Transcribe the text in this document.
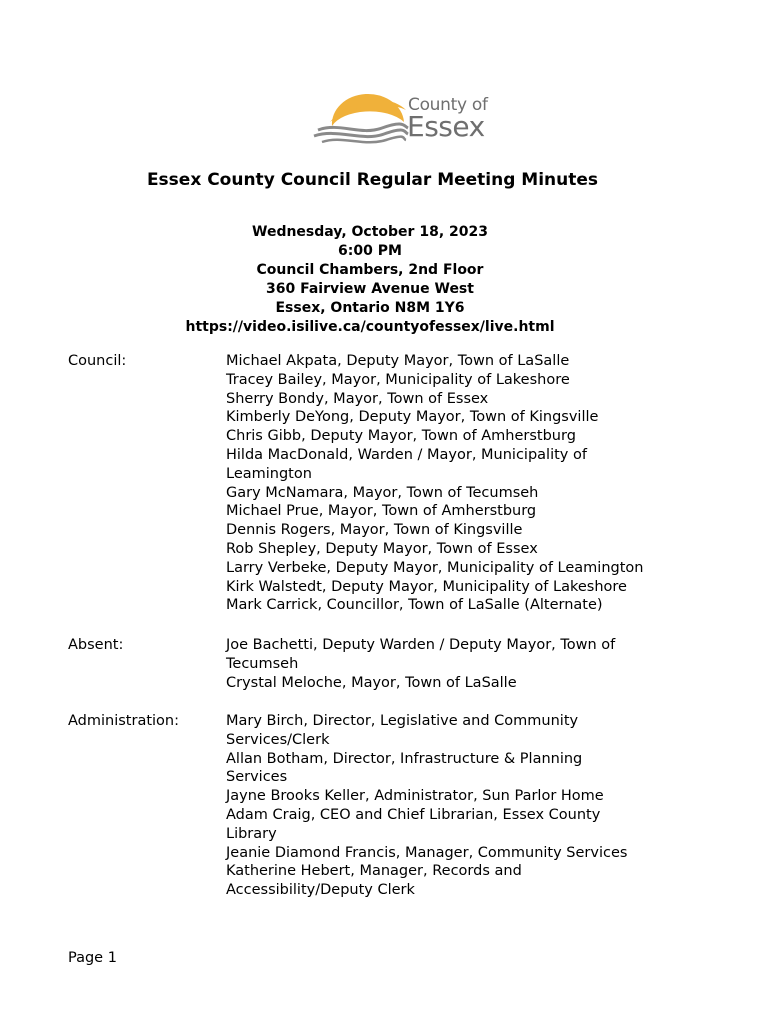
County of
Essex
Essex County Council Regular Meeting Minutes
Wednesday, October 18, 2023
6:00 PM
Council Chambers, 2nd Floor
360 Fairview Avenue West
Essex, Ontario N8M 1Y6
https://video.isilive.ca/countyofessex/live.html
Council:	Michael Akpata, Deputy Mayor, Town of LaSalle
Tracey Bailey, Mayor, Municipality of Lakeshore
Sherry Bondy, Mayor, Town of Essex
Kimberly DeYong, Deputy Mayor, Town of Kingsville
Chris Gibb, Deputy Mayor, Town of Amherstburg
Hilda MacDonald, Warden / Mayor, Municipality of Leamington
Gary McNamara, Mayor, Town of Tecumseh
Michael Prue, Mayor, Town of Amherstburg
Dennis Rogers, Mayor, Town of Kingsville
Rob Shepley, Deputy Mayor, Town of Essex
Larry Verbeke, Deputy Mayor, Municipality of Leamington
Kirk Walstedt, Deputy Mayor, Municipality of Lakeshore
Mark Carrick, Councillor, Town of LaSalle (Alternate)
Absent:	Joe Bachetti, Deputy Warden / Deputy Mayor, Town of Tecumseh
Crystal Meloche, Mayor, Town of LaSalle
Administration:	Mary Birch, Director, Legislative and Community Services/Clerk
Allan Botham, Director, Infrastructure & Planning Services
Jayne Brooks Keller, Administrator, Sun Parlor Home
Adam Craig, CEO and Chief Librarian, Essex County Library
Jeanie Diamond Francis, Manager, Community Services
Katherine Hebert, Manager, Records and Accessibility/Deputy Clerk
Page 1
